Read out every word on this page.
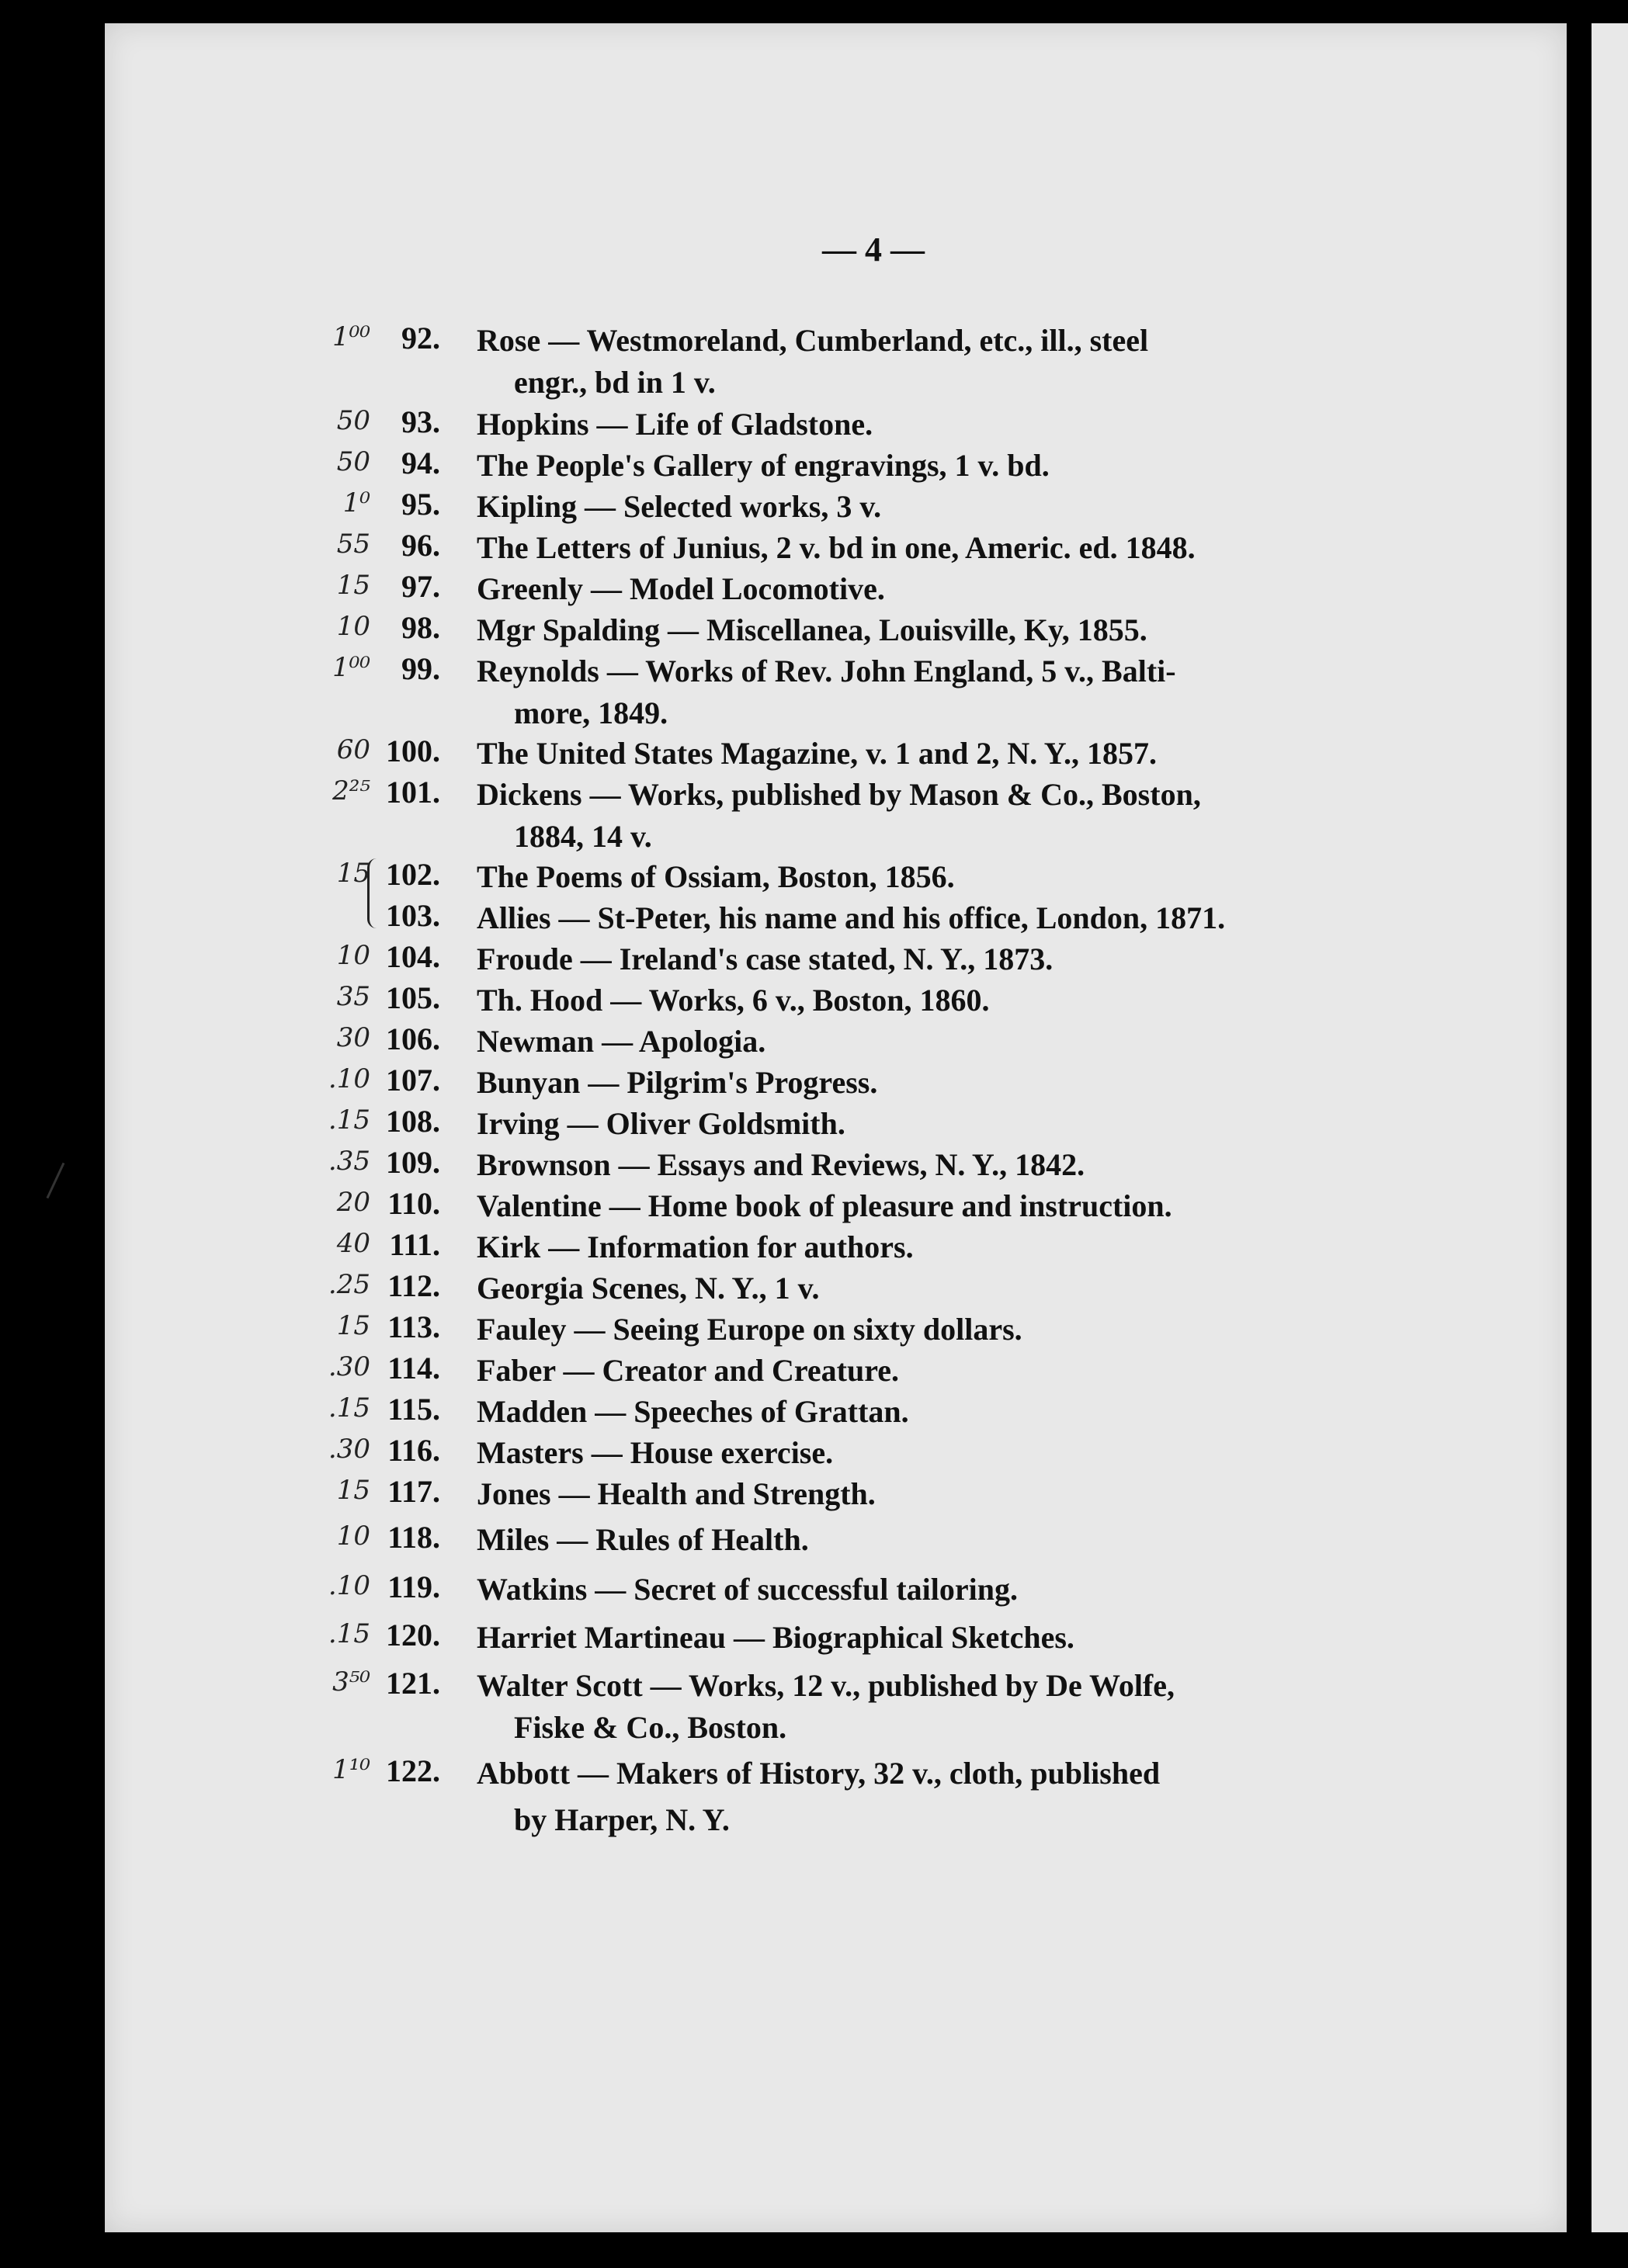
— 4 —
1⁰⁰	92. Rose — Westmoreland, Cumberland, etc., ill., steel
engr., bd in 1 v.
50	93. Hopkins — Life of Gladstone.
50	94. The People's Gallery of engravings, 1 v. bd.
1⁰	95. Kipling — Selected works, 3 v.
55	96. The Letters of Junius, 2 v. bd in one, Americ. ed. 1848.
15	97. Greenly — Model Locomotive.
10	98. Mgr Spalding — Miscellanea, Louisville, Ky, 1855.
1⁰⁰	99. Reynolds — Works of Rev. John England, 5 v., Balti-
more, 1849.
60 100. The United States Magazine, v. 1 and 2, N. Y., 1857.
2²⁵ 101. Dickens — Works, published by Mason & Co., Boston,
1884, 14 v.
15 102. The Poems of Ossiam, Boston, 1856.
103. Allies — St-Peter, his name and his office, London, 1871.
10 104. Froude — Ireland's case stated, N. Y., 1873.
35 105. Th. Hood — Works, 6 v., Boston, 1860.
30 106. Newman — Apologia.
.10 107. Bunyan — Pilgrim's Progress.
.15 108. Irving — Oliver Goldsmith.
.35 109. Brownson — Essays and Reviews, N. Y., 1842.
20 110. Valentine — Home book of pleasure and instruction.
40 111. Kirk — Information for authors.
.25 112. Georgia Scenes, N. Y., 1 v.
15 113. Fauley — Seeing Europe on sixty dollars.
.30 114. Faber — Creator and Creature.
.15 115. Madden — Speeches of Grattan.
.30 116. Masters — House exercise.
15 117. Jones — Health and Strength.
10 118. Miles — Rules of Health.
.10 119. Watkins — Secret of successful tailoring.
.15 120. Harriet Martineau — Biographical Sketches.
3⁵⁰ 121. Walter Scott — Works, 12 v., published by De Wolfe,
Fiske & Co., Boston.
1¹⁰ 122. Abbott — Makers of History, 32 v., cloth, published
by Harper, N. Y.
